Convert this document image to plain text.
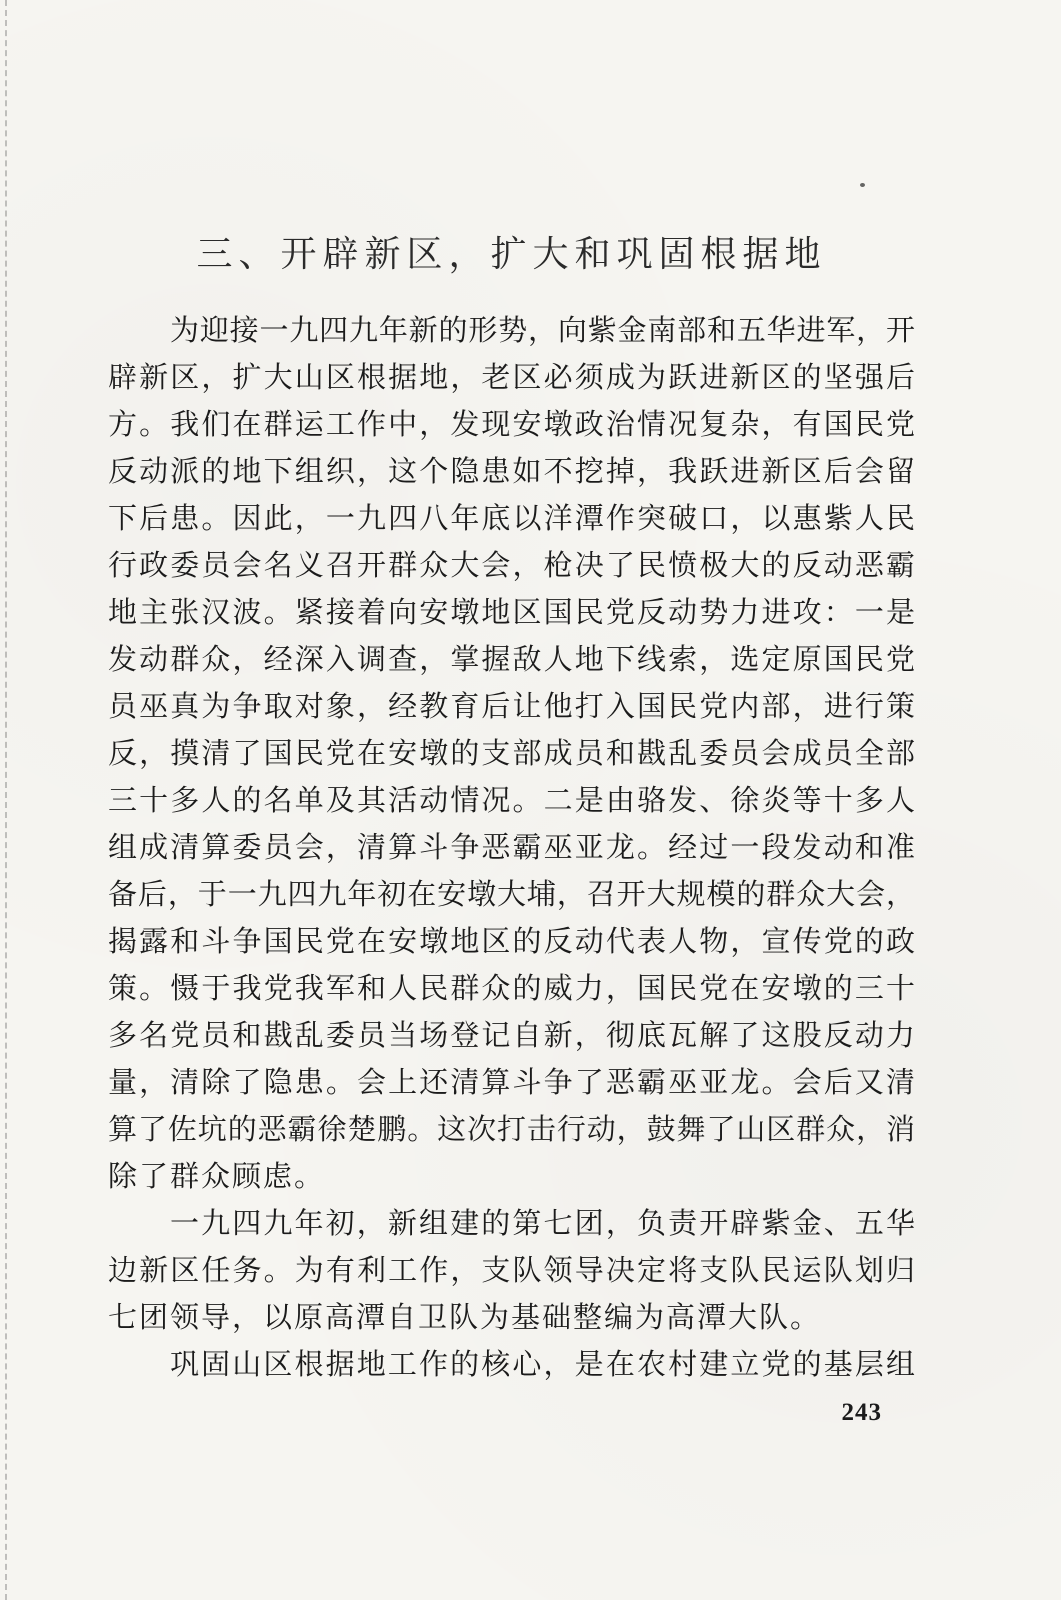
三、开辟新区，扩大和巩固根据地
为迎接一九四九年新的形势，向紫金南部和五华进军，开
辟新区，扩大山区根据地，老区必须成为跃进新区的坚强后
方。我们在群运工作中，发现安墩政治情况复杂，有国民党
反动派的地下组织，这个隐患如不挖掉，我跃进新区后会留
下后患。因此，一九四八年底以洋潭作突破口，以惠紫人民
行政委员会名义召开群众大会，枪决了民愤极大的反动恶霸
地主张汉波。紧接着向安墩地区国民党反动势力进攻：一是
发动群众，经深入调查，掌握敌人地下线索，选定原国民党
员巫真为争取对象，经教育后让他打入国民党内部，进行策
反，摸清了国民党在安墩的支部成员和戡乱委员会成员全部
三十多人的名单及其活动情况。二是由骆发、徐炎等十多人
组成清算委员会，清算斗争恶霸巫亚龙。经过一段发动和准
备后，于一九四九年初在安墩大埔，召开大规模的群众大会，
揭露和斗争国民党在安墩地区的反动代表人物，宣传党的政
策。慑于我党我军和人民群众的威力，国民党在安墩的三十
多名党员和戡乱委员当场登记自新，彻底瓦解了这股反动力
量，清除了隐患。会上还清算斗争了恶霸巫亚龙。会后又清
算了佐坑的恶霸徐楚鹏。这次打击行动，鼓舞了山区群众，消
除了群众顾虑。
一九四九年初，新组建的第七团，负责开辟紫金、五华
边新区任务。为有利工作，支队领导决定将支队民运队划归
七团领导，以原高潭自卫队为基础整编为高潭大队。
巩固山区根据地工作的核心，是在农村建立党的基层组
243
